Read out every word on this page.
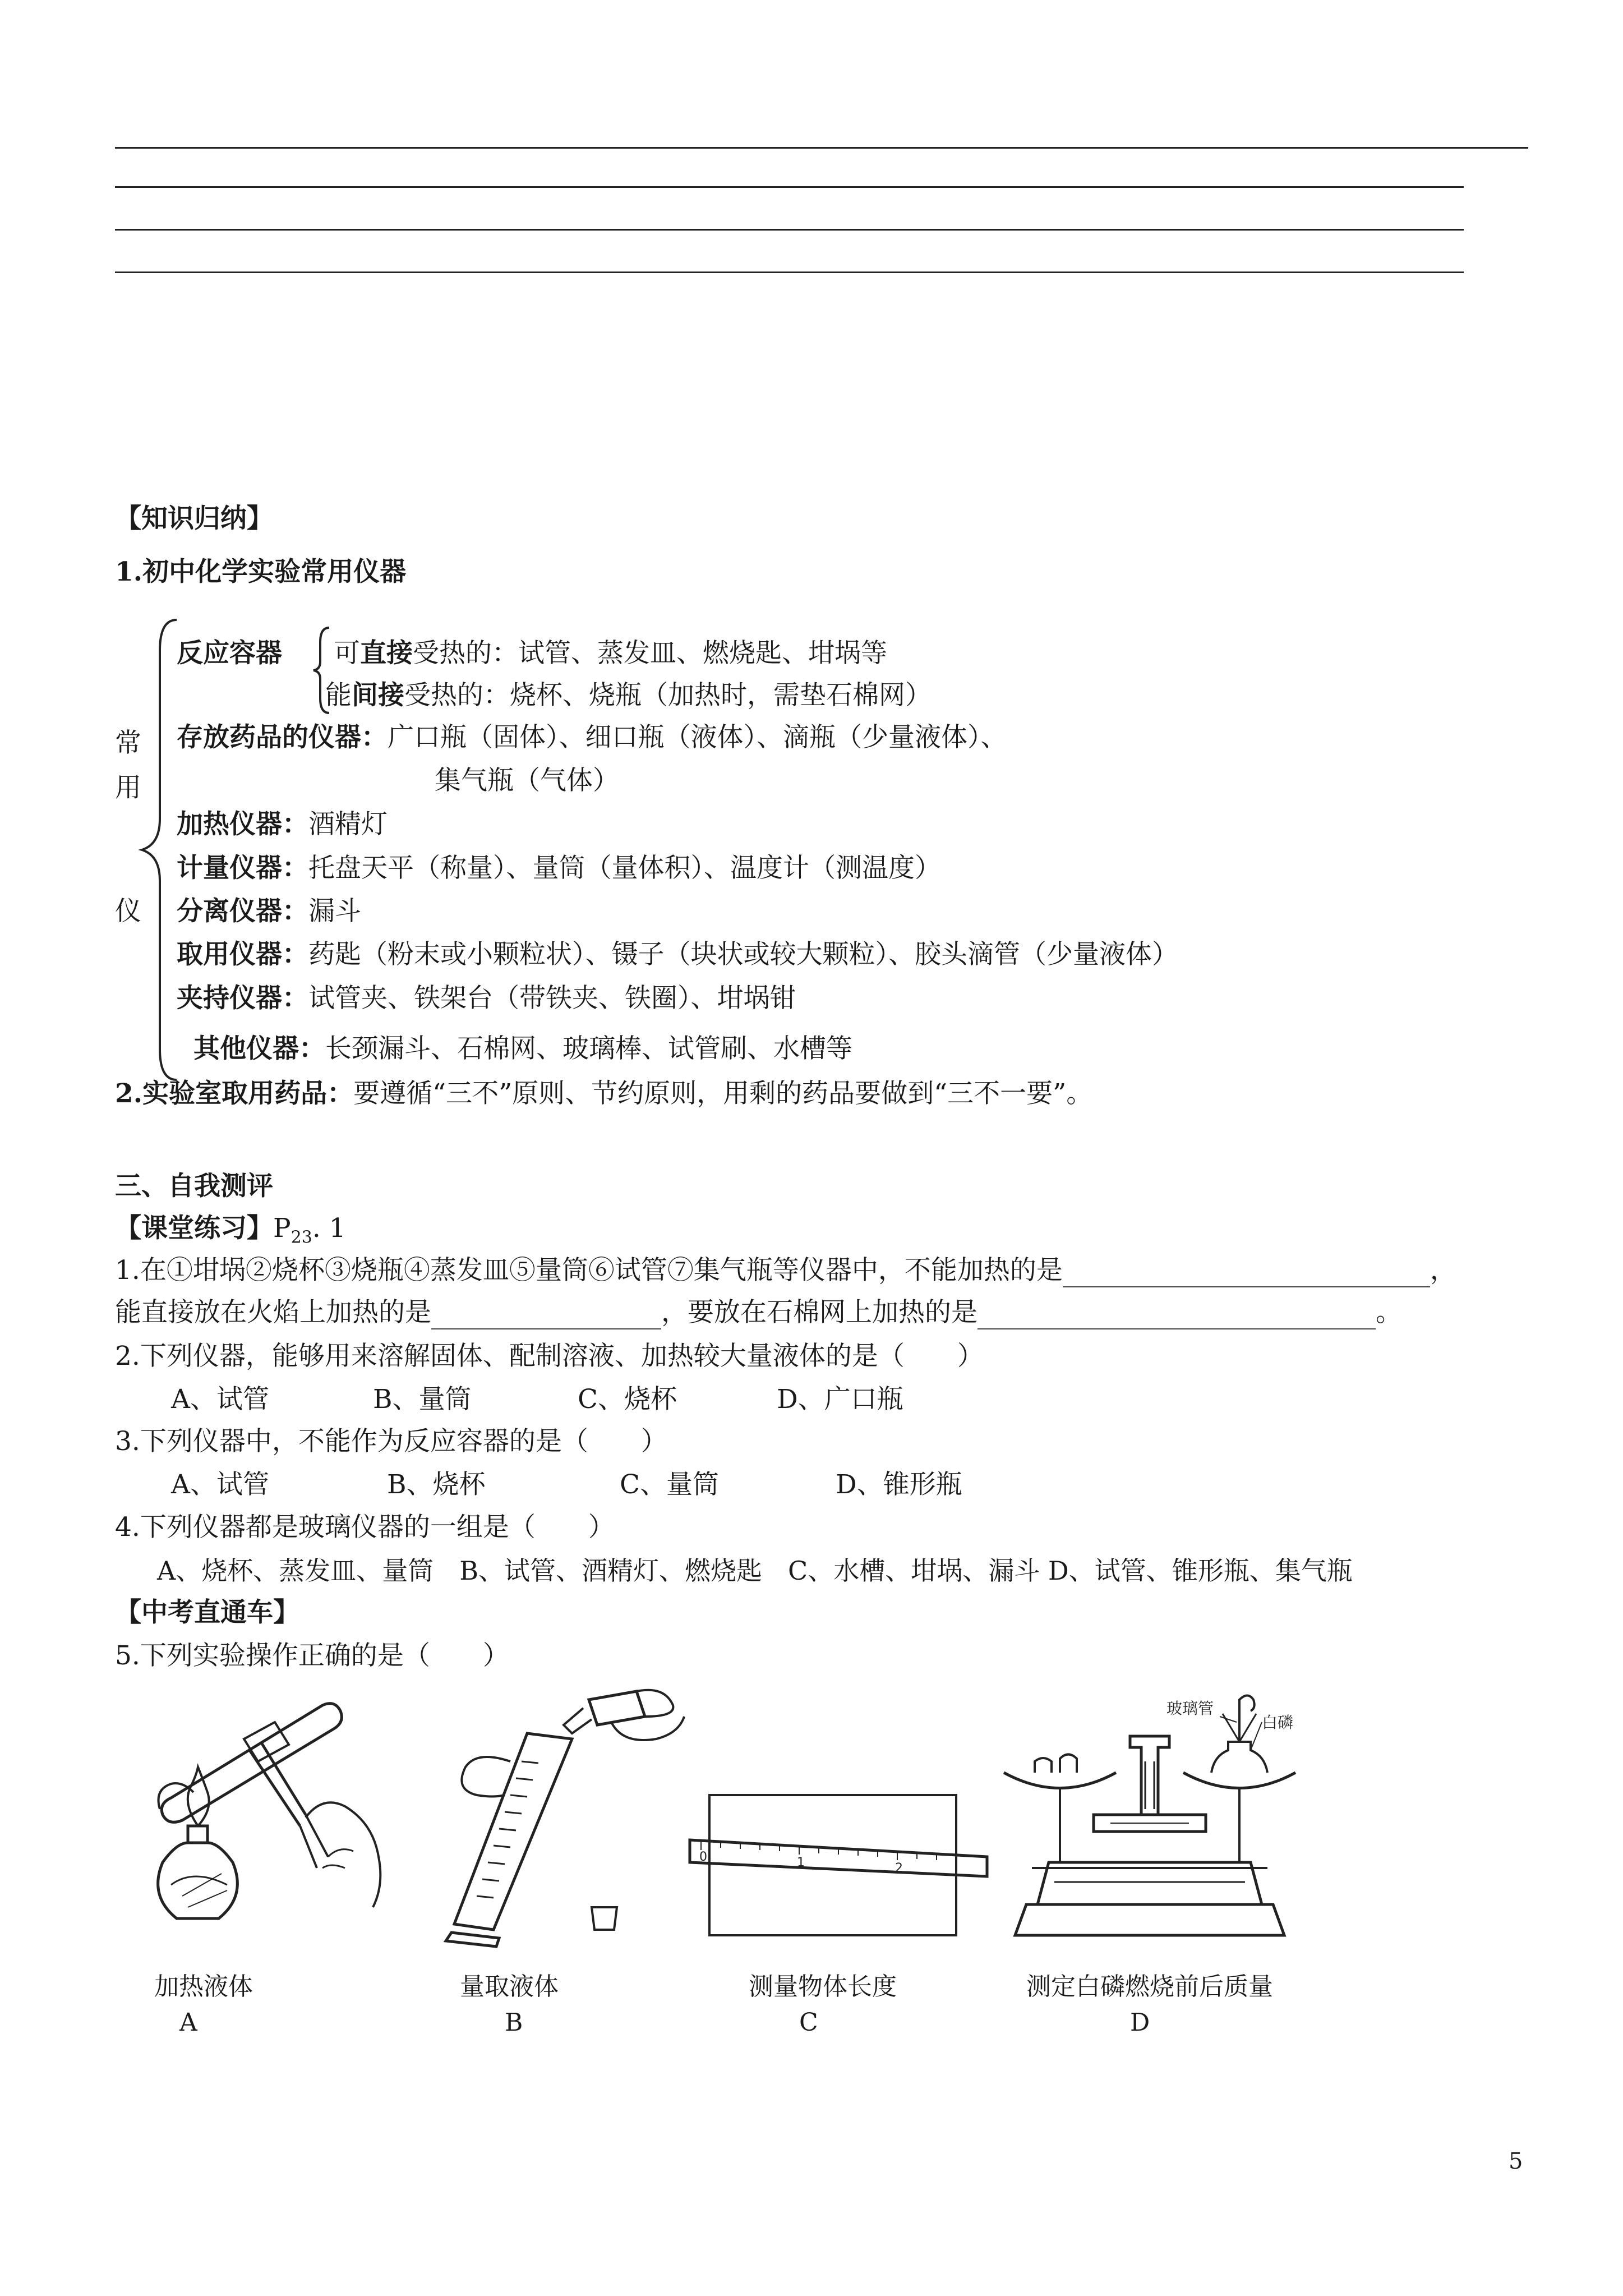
【知识归纳】
1.初中化学实验常用仪器
常
用
仪
反应容器 可直接受热的：试管、蒸发皿、燃烧匙、坩埚等
能间接受热的：烧杯、烧瓶（加热时，需垫石棉网）
存放药品的仪器：广口瓶（固体）、细口瓶（液体）、滴瓶（少量液体）、
集气瓶（气体）
加热仪器：酒精灯
计量仪器：托盘天平（称量）、量筒（量体积）、温度计（测温度）
分离仪器：漏斗
取用仪器：药匙（粉末或小颗粒状）、镊子（块状或较大颗粒）、胶头滴管（少量液体）
夹持仪器：试管夹、铁架台（带铁夹、铁圈）、坩埚钳
其他仪器：长颈漏斗、石棉网、玻璃棒、试管刷、水槽等
2.实验室取用药品：要遵循“三不”原则、节约原则，用剩的药品要做到“三不一要”。
三、自我测评
【课堂练习】$P_{23}$. 1
1.在①坩埚②烧杯③烧瓶④蒸发皿⑤量筒⑥试管⑦集气瓶等仪器中，不能加热的是	，
能直接放在火焰上加热的是	，要放在石棉网上加热的是	。
2.下列仪器，能够用来溶解固体、配制溶液、加热较大量液体的是（　　）
A、试管	B、量筒	C、烧杯	D、广口瓶
3.下列仪器中，不能作为反应容器的是（　　）
A、试管	B、烧杯	C、量筒	D、锥形瓶
4.下列仪器都是玻璃仪器的一组是（　　）
A、烧杯、蒸发皿、量筒　B、试管、酒精灯、燃烧匙　C、水槽、坩埚、漏斗 D、试管、锥形瓶、集气瓶
【中考直通车】
5.下列实验操作正确的是（　　）
加热液体
A
量取液体
B
0	1	2
测量物体长度
C
玻璃管
白磷
测定白磷燃烧前后质量
D
5
